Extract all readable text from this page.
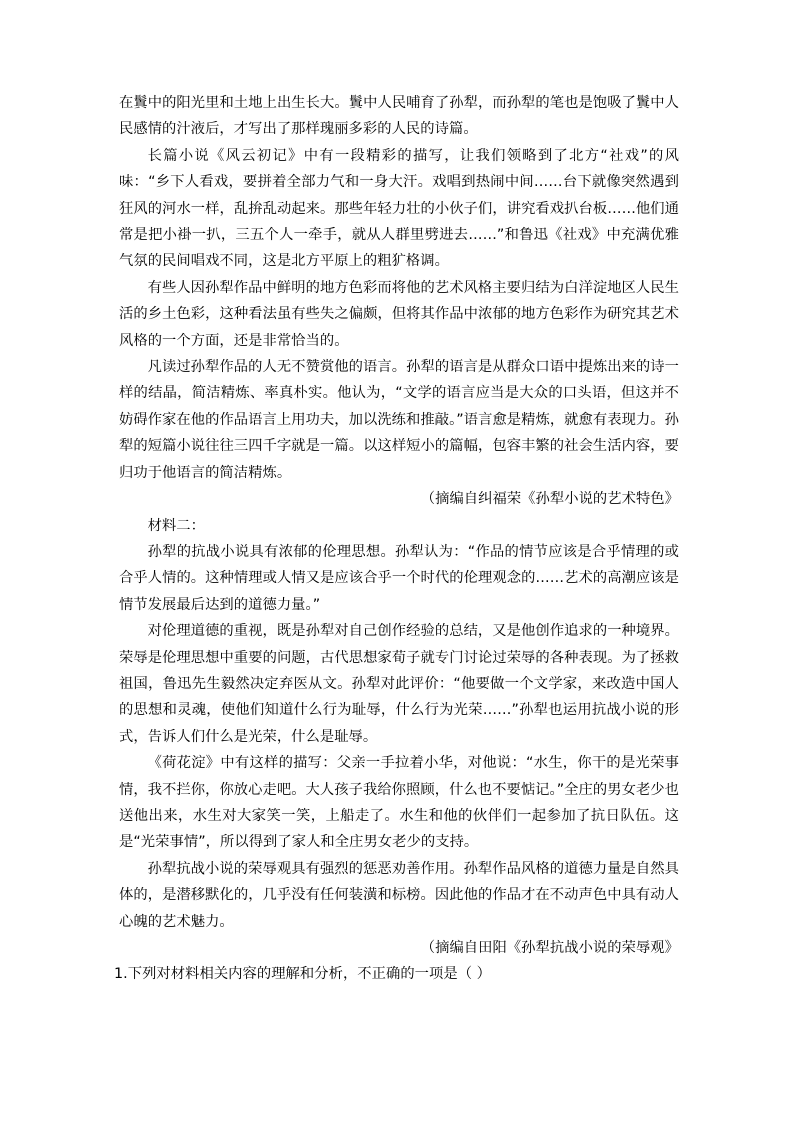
在鬒中的阳光里和土地上出生长大。鬒中人民哺育了孙犁，而孙犁的笔也是饱吸了鬒中人民感情的汁液后，才写出了那样瑰丽多彩的人民的诗篇。

长篇小说《风云初记》中有一段精彩的描写，让我们领略到了北方“社戏”的风味：“乡下人看戏，要拼着全部力气和一身大汗。戏唱到热闹中间……台下就像突然遇到狂风的河水一样，乱拚乱动起来。那些年轻力壮的小伙子们，讲究看戏扒台板……他们通常是把小褂一扒，三五个人一牵手，就从人群里劈进去……”和鲁迅《社戏》中充满优雅气氛的民间唱戏不同，这是北方平原上的粗犷格调。

有些人因孙犁作品中鲜明的地方色彩而将他的艺术风格主要归结为白洋淀地区人民生活的乡土色彩，这种看法虽有些失之偏颇，但将其作品中浓郁的地方色彩作为研究其艺术风格的一个方面，还是非常恰当的。

凡读过孙犁作品的人无不赞赏他的语言。孙犁的语言是从群众口语中提炼出来的诗一样的结晶，简洁精炼、率真朴实。他认为，“文学的语言应当是大众的口头语，但这并不妨碍作家在他的作品语言上用功夫，加以洗练和推敲。”语言愈是精炼，就愈有表现力。孙犁的短篇小说往往三四千字就是一篇。以这样短小的篇幅，包容丰繁的社会生活内容，要归功于他语言的简洁精炼。

（摘编自纠福荣《孙犁小说的艺术特色》

材料二：

孙犁的抗战小说具有浓郁的伦理思想。孙犁认为：“作品的情节应该是合乎情理的或合乎人情的。这种情理或人情又是应该合乎一个时代的伦理观念的……艺术的高潮应该是情节发展最后达到的道德力量。”

对伦理道德的重视，既是孙犁对自己创作经验的总结，又是他创作追求的一种境界。荣辱是伦理思想中重要的问题，古代思想家荀子就专门讨论过荣辱的各种表现。为了拯救祖国，鲁迅先生毅然决定弃医从文。孙犁对此评价：“他要做一个文学家，来改造中国人的思想和灵魂，使他们知道什么行为耻辱，什么行为光荣……”孙犁也运用抗战小说的形式，告诉人们什么是光荣，什么是耻辱。

《荷花淀》中有这样的描写：父亲一手拉着小华，对他说：“水生，你干的是光荣事情，我不拦你，你放心走吧。大人孩子我给你照顾，什么也不要惦记。”全庄的男女老少也送他出来，水生对大家笑一笑，上船走了。水生和他的伙伴们一起参加了抗日队伍。这是“光荣事情”，所以得到了家人和全庄男女老少的支持。

孙犁抗战小说的荣辱观具有强烈的惩恶劝善作用。孙犁作品风格的道德力量是自然具体的，是潜移默化的，几乎没有任何装潢和标榜。因此他的作品才在不动声色中具有动人心魄的艺术魅力。

（摘编自田阳《孙犁抗战小说的荣辱观》

1.下列对材料相关内容的理解和分析，不正确的一项是（ ）
